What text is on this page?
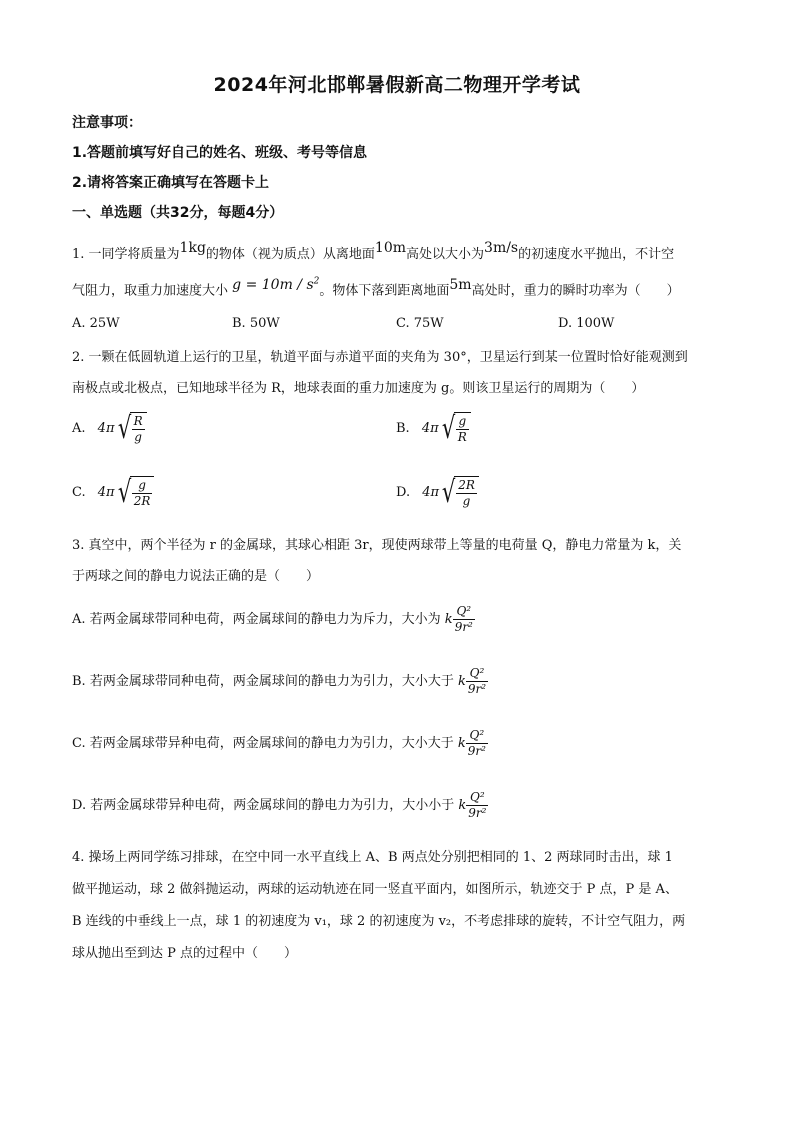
2024年河北邯郸暑假新高二物理开学考试
注意事项：
1.答题前填写好自己的姓名、班级、考号等信息
2.请将答案正确填写在答题卡上
一、单选题（共32分，每题4分）
1. 一同学将质量为1kg的物体（视为质点）从离地面10m高处以大小为3m/s的初速度水平抛出，不计空
气阻力，取重力加速度大小 $g = 10m / s^2$。物体下落到距离地面5m高处时，重力的瞬时功率为（　　）
A. 25W	B. 50W	C. 75W	D. 100W
2. 一颗在低圆轨道上运行的卫星，轨道平面与赤道平面的夹角为 30°，卫星运行到某一位置时恰好能观测到
南极点或北极点，已知地球半径为 R，地球表面的重力加速度为 g。则该卫星运行的周期为（　　）
A. 4π √
$\frac{R}{g}$	B. 4π √
$\frac{g}{R}$
C. 4π √
$\frac{g}{2R}$	D. 4π √
$\frac{2R}{g}$
3. 真空中，两个半径为 r 的金属球，其球心相距 3r，现使两球带上等量的电荷量 Q，静电力常量为 k，关
于两球之间的静电力说法正确的是（　　）
A. 若两金属球带同种电荷，两金属球间的静电力为斥力，大小为 k $\frac{\text{Q²}}{\text{9r²}}$
B. 若两金属球带同种电荷，两金属球间的静电力为引力，大小大于 k $\frac{\text{Q²}}{\text{9r²}}$
C. 若两金属球带异种电荷，两金属球间的静电力为引力，大小大于 k $\frac{\text{Q²}}{\text{9r²}}$
D. 若两金属球带异种电荷，两金属球间的静电力为引力，大小小于 k $\frac{\text{Q²}}{\text{9r²}}$
4. 操场上两同学练习排球，在空中同一水平直线上 A、B 两点处分别把相同的 1、2 两球同时击出，球 1
做平抛运动，球 2 做斜抛运动，两球的运动轨迹在同一竖直平面内，如图所示，轨迹交于 P 点，P 是 A、
B 连线的中垂线上一点，球 1 的初速度为 v₁，球 2 的初速度为 v₂，不考虑排球的旋转，不计空气阻力，两
球从抛出至到达 P 点的过程中（　　）
